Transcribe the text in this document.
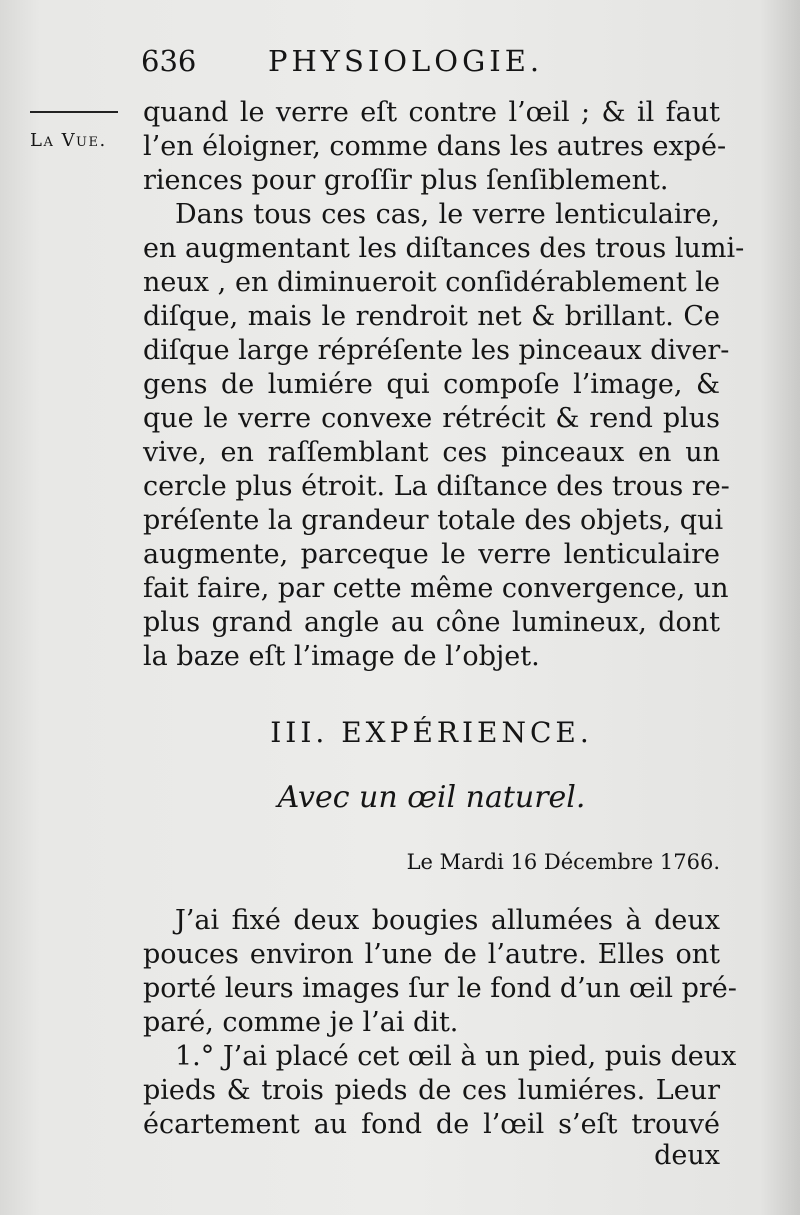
636 PHYSIOLOGIE.
La Vue.
quand le verre eſt contre l’œil ; & il faut
l’en éloigner, comme dans les autres expé-
riences pour groſſir plus ſenſiblement.
Dans tous ces cas, le verre lenticulaire,
en augmentant les diſtances des trous lumi-
neux , en diminueroit conſidérablement le
diſque, mais le rendroit net & brillant. Ce
diſque large répréſente les pinceaux diver-
gens de lumiére qui compoſe l’image, &
que le verre convexe rétrécit & rend plus
vive, en raſſemblant ces pinceaux en un
cercle plus étroit. La diſtance des trous re-
préſente la grandeur totale des objets, qui
augmente, parceque le verre lenticulaire
fait faire, par cette même convergence, un
plus grand angle au cône lumineux, dont
la baze eſt l’image de l’objet.
III. EXPÉRIENCE.
Avec un œil naturel.
Le Mardi 16 Décembre 1766.
J’ai fixé deux bougies allumées à deux
pouces environ l’une de l’autre. Elles ont
porté leurs images ſur le fond d’un œil pré-
paré, comme je l’ai dit.
1.° J’ai placé cet œil à un pied, puis deux
pieds & trois pieds de ces lumiéres. Leur
écartement au fond de l’œil s’eſt trouvé
deux
